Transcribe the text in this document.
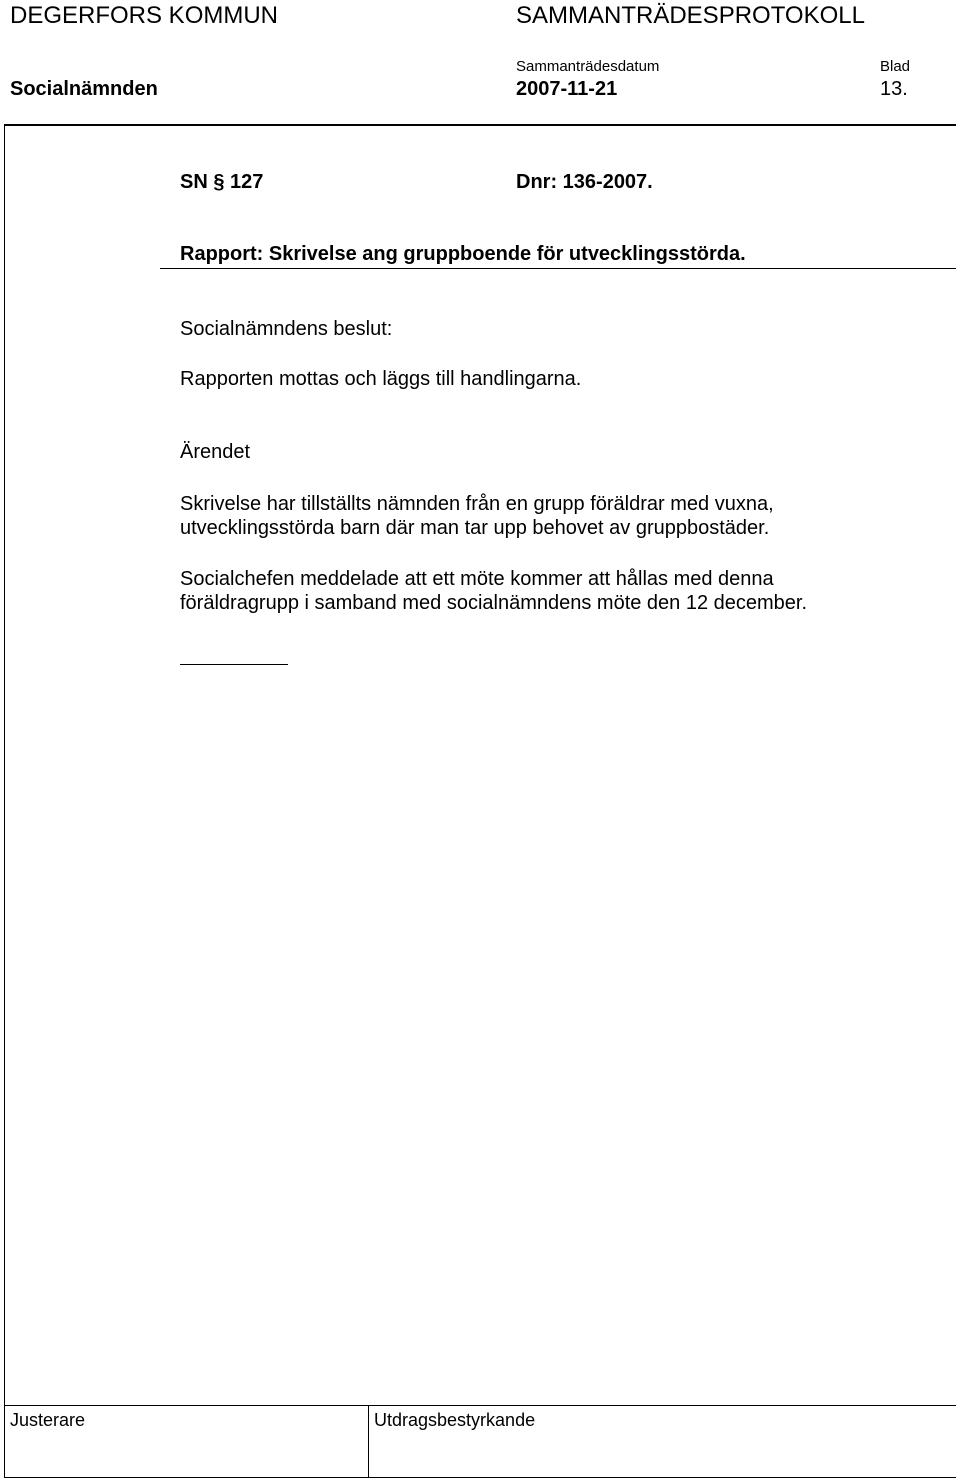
DEGERFORS KOMMUN	SAMMANTRÄDESPROTOKOLL
Sammanträdesdatum	Blad
Socialnämnden	2007-11-21	13.
SN § 127	Dnr: 136-2007.
Rapport: Skrivelse ang gruppboende för utvecklingsstörda.
Socialnämndens beslut:
Rapporten mottas och läggs till handlingarna.
Ärendet
Skrivelse har tillställts nämnden från en grupp föräldrar med vuxna,
utvecklingsstörda barn där man tar upp behovet av gruppbostäder.
Socialchefen meddelade att ett möte kommer att hållas med denna
föräldragrupp i samband med socialnämndens möte den 12 december.
Justerare	Utdragsbestyrkande
